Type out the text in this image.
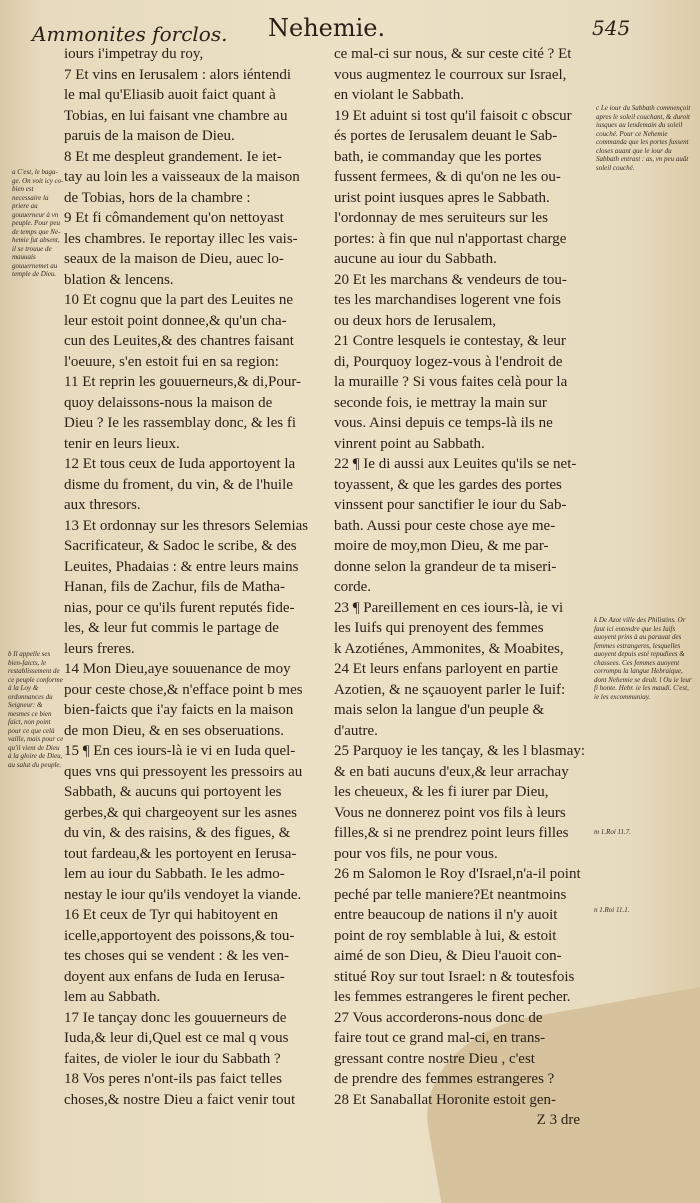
Ammonites forclos. Nehemie.	545
iours i'impetray du roy,
7 Et vins en Ierusalem : alors iéntendi
le mal qu'Eliasib auoit faict quant à
Tobias, en lui faisant vne chambre au
paruis de la maison de Dieu.
8 Et me despleut grandement. Ie iet-
tay au loin les a vaisseaux de la maison
de Tobias, hors de la chambre :
9 Et fi cômandement qu'on nettoyast
les chambres. Ie reportay illec les vais-
seaux de la maison de Dieu, auec lo-
blation & lencens.
10 Et cognu que la part des Leuites ne
leur estoit point donnee,& qu'un cha-
cun des Leuites,& des chantres faisant
l'oeuure, s'en estoit fui en sa region:
11 Et reprin les gouuerneurs,& di,Pour-
quoy delaissons-nous la maison de
Dieu ? Ie les rassemblay donc, & les fi
tenir en leurs lieux.
12 Et tous ceux de Iuda apportoyent la
disme du froment, du vin, & de l'huile
aux thresors.
13 Et ordonnay sur les thresors Selemias
Sacrificateur, & Sadoc le scribe, & des
Leuites, Phadaias : & entre leurs mains
Hanan, fils de Zachur, fils de Matha-
nias, pour ce qu'ils furent reputés fide-
les, & leur fut commis le partage de
leurs freres.
14 Mon Dieu,aye souuenance de moy
pour ceste chose,& n'efface point b mes
bien-faicts que i'ay faicts en la maison
de mon Dieu, & en ses obseruations.
15 ¶ En ces iours-là ie vi en Iuda quel-
ques vns qui pressoyent les pressoirs au
Sabbath, & aucuns qui portoyent les
gerbes,& qui chargeoyent sur les asnes
du vin, & des raisins, & des figues, &
tout fardeau,& les portoyent en Ierusa-
lem au iour du Sabbath. Ie les admo-
nestay le iour qu'ils vendoyet la viande.
16 Et ceux de Tyr qui habitoyent en
icelle,apportoyent des poissons,& tou-
tes choses qui se vendent : & les ven-
doyent aux enfans de Iuda en Ierusa-
lem au Sabbath.
17 Ie tançay donc les gouuerneurs de
Iuda,& leur di,Quel est ce mal q vous
faites, de violer le iour du Sabbath ?
18 Vos peres n'ont-ils pas faict telles
choses,& nostre Dieu a faict venir tout
ce mal-ci sur nous, & sur ceste cité ? Et
vous augmentez le courroux sur Israel,
en violant le Sabbath.
19 Et aduint si tost qu'il faisoit c obscur
és portes de Ierusalem deuant le Sab-
bath, ie commanday que les portes
fussent fermees, & di qu'on ne les ou-
urist point iusques apres le Sabbath.
l'ordonnay de mes seruiteurs sur les
portes: à fin que nul n'apportast charge
aucune au iour du Sabbath.
20 Et les marchans & vendeurs de tou-
tes les marchandises logerent vne fois
ou deux hors de Ierusalem,
21 Contre lesquels ie contestay, & leur
di, Pourquoy logez-vous à l'endroit de
la muraille ? Si vous faites celà pour la
seconde fois, ie mettray la main sur
vous. Ainsi depuis ce temps-là ils ne
vinrent point au Sabbath.
22 ¶ Ie di aussi aux Leuites qu'ils se net-
toyassent, & que les gardes des portes
vinssent pour sanctifier le iour du Sab-
bath. Aussi pour ceste chose aye me-
moire de moy,mon Dieu, & me par-
donne selon la grandeur de ta miseri-
corde.
23 ¶ Pareillement en ces iours-là, ie vi
les Iuifs qui prenoyent des femmes
k Azotiénes, Ammonites, & Moabites,
24 Et leurs enfans parloyent en partie
Azotien, & ne sçauoyent parler le Iuif:
mais selon la langue d'un peuple &
d'autre.
25 Parquoy ie les tançay, & les l blasmay:
& en bati aucuns d'eux,& leur arrachay
les cheueux, & les fi iurer par Dieu,
Vous ne donnerez point vos fils à leurs
filles,& si ne prendrez point leurs filles
pour vos fils, ne pour vous.
26 m Salomon le Roy d'Israel,n'a-il point
peché par telle maniere?Et neantmoins
entre beaucoup de nations il n'y auoit
point de roy semblable à lui, & estoit
aimé de son Dieu, & Dieu l'auoit con-
stitué Roy sur tout Israel: n & toutesfois
les femmes estrangeres le firent pecher.
27 Vous accorderons-nous donc de
faire tout ce grand mal-ci, en trans-
gressant contre nostre Dieu , c'est
de prendre des femmes estrangeres ?
28 Et Sanaballat Horonite estoit gen-
Z 3 dre
a C'est, le baga-ge. On voit icy co-bien est necessaire la priere au gouuerneur à vn peuple. Pour peu de temps que Ne-hemie fut absent, il se trouue de mauuais gouuernemet au temple de Dieu.
b Il appelle ses bien-faicts, le restablissement de ce peuple conforme à la Loy & ordonnances du Seigneur: & mesmes ce bien faict, non point pour ce que celà vaille, mais pour ce qu'il vient de Dieu à la gloire de Dieu, au salut du peuple.
c Le iour du Sabbath commençoit apres le soleil couchant, & duroit iusques au lendemain du soleil couché. Pour ce Nehemie commanda que les portes fussent closes auant que le iour du Sabbath entrast : as, vn peu auât soleil couché.
k De Azot ville des Philistins. Or faut ici entendre que les Iuifs auoyent prins à au parauat des femmes estrangeres, lesquelles auoyent depuis esté repudiees & chassees. Ces femmes auoyent corrompu la langue Hebraique, dont Nehemie se deult. l Ou ie leur fi honte. Hebr. ie les maudi. C'est, ie les excommuniay.
m 1.Roi 11.7.
n 1.Roi 11.1.
